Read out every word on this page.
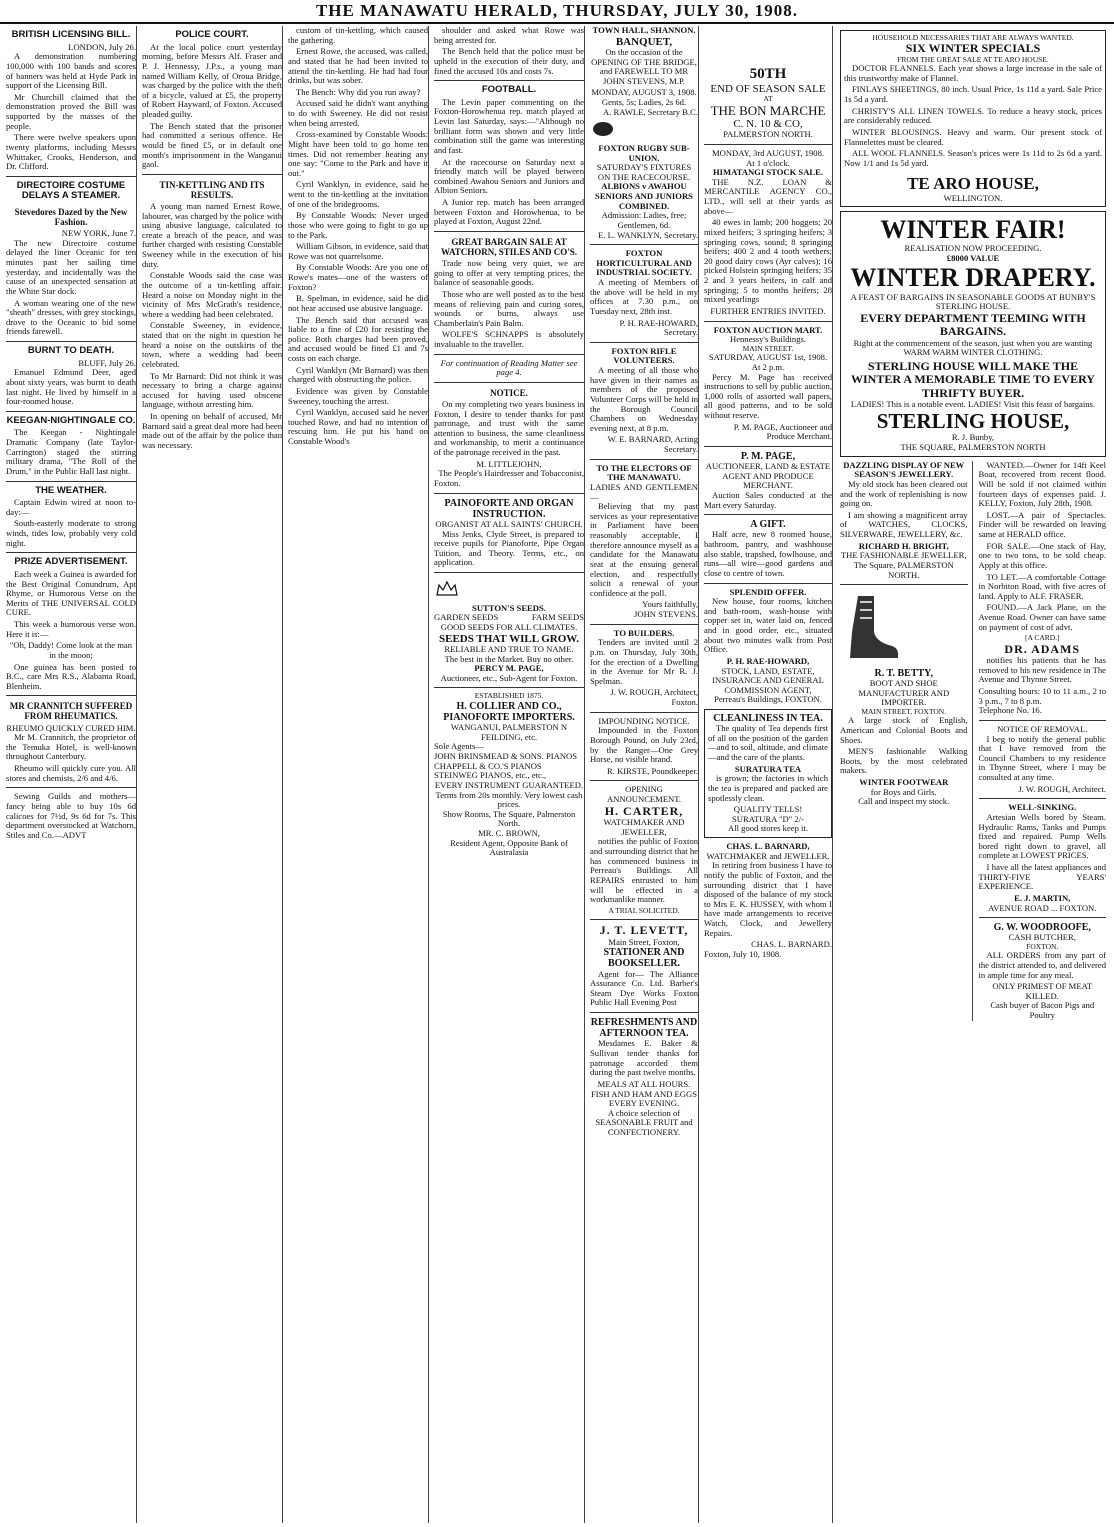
THE MANAWATU HERALD, THURSDAY, JULY 30, 1908.
BRITISH LICENSING BILL.
LONDON, July 26.

A demonstration numbering 100,000 with 100 bands and scores of banners was held at Hyde Park in support of the Licensing Bill.

Mr Churchill claimed that the demonstration proved the Bill was supported by the masses of the people.

There were twelve speakers upon twenty platforms, including Messrs Whittaker, Crooks, Henderson, and Dr. Clifford.

DIRECTOIRE COSTUME DELAYS A STEAMER.
Stevedores Dazed by the New Fashion.
NEW YORK, June 7.

The new Directoire costume delayed the liner Oceanic for ten minutes past her sailing time yesterday, and incidentally was the cause of an unexpected sensation at the White Star dock.

A woman wearing one of the new "sheath" dresses, with grey stockings, drove to the Oceanic to bid some friends farewell.

BURNT TO DEATH.
BLUFF, July 26.

Emanuel Edmund Deer, aged about sixty years, was burnt to death last night. He lived by himself in a four-roomed house.

KEEGAN-NIGHTINGALE CO.

The Keegan - Nightingale Dramatic Company (late Taylor-Carrington) staged the stirring military drama, "The Roll of the Drum," in the Public Hall last night.

THE WEATHER.

Captain Edwin wired at noon to-day:—

South-easterly moderate to strong winds, tides low, probably very cold night.

PRIZE ADVERTISEMENT.

Each week a Guinea is awarded for the Best Original Conundrum, Apt Rhyme, or Humorous Verse on the Merits of THE UNIVERSAL COLD CURE.

This week a humorous verse won. Here it is:—

"Oh, Daddy! Come look at the man in the moon;

One guinea has been posted to B.C., care Mrs R.S., Alabama Road, Blenheim.

MR CRANNITCH SUFFERED FROM RHEUMATICS.
RHEUMO QUICKLY CURED HIM.

Mr M. Crannitch, the proprietor of the Temuka Hotel, is well-known throughout Canterbury.

Rheumo will quickly cure you. All stores and chemists, 2/6 and 4/6.

Sewing Guilds and mothers—fancy being able to buy 10s 6d calicoes for 7½d, 9s 6d for 7s. This department overstocked at Watchorn, Stiles and Co.—ADVT

POLICE COURT.

At the local police court yesterday morning, before Messrs Alf. Fraser and P. J. Hennessy, J.P.s., a young man named William Kelly, of Oroua Bridge, was charged by the police with the theft of a bicycle, valued at £5, the property of Robert Hayward, of Foxton. Accused pleaded guilty.

The Bench stated that the prisoner had committed a serious offence. He would be fined £5, or in default one month's imprisonment in the Wanganui gaol.

TIN-KETTLING AND ITS RESULTS.

A young man named Ernest Rowe, labourer, was charged by the police with using abusive language, calculated to create a breach of the peace, and was further charged with resisting Constable Sweeney while in the execution of his duty.

Constable Woods said the case was the outcome of a tin-kettling affair. Heard a noise on Monday night in the vicinity of Mrs McGrath's residence, where a wedding had been celebrated.

Constable Sweeney, in evidence, stated that on the night in question he heard a noise on the outskirts of the town, where a wedding had been celebrated.

To Mr Barnard: Did not think it was necessary to bring a charge against accused for having used obscene language, without arresting him.

In opening on behalf of accused, Mr Barnard said a great deal more had been made out of the affair by the police than was necessary.

custom of tin-kettling, which caused the gathering.

Ernest Rowe, the accused, was called, and stated that he had been invited to attend the tin-kettling. He had had four drinks, but was sober.

The Bench: Why did you run away?

Accused said he didn't want anything to do with Sweeney. He did not resist when being arrested.

Cross-examined by Constable Woods: Might have been told to go home ten times. Did not remember hearing any one say: "Come to the Park and have it out."

Cyril Wanklyn, in evidence, said he went to the tin-kettling at the invitation of one of the bridegrooms.

By Constable Woods: Never urged those who were going to fight to go up to the Park.

William Gibson, in evidence, said that Rowe was not quarrelsome.

By Constable Woods: Are you one of Rowe's mates—one of the wasters of Foxton?

B. Spelman, in evidence, said he did not hear accused use abusive language.

The Bench said that accused was liable to a fine of £20 for resisting the police. Both charges had been proved, and accused would be fined £1 and 7s costs on each charge.

Cyril Wanklyn (Mr Barnard) was then charged with obstructing the police.

Evidence was given by Constable Sweeney, touching the arrest.

Cyril Wanklyn, accused said he never touched Rowe, and had no intention of rescuing him. He put his hand on Constable Wood's

shoulder and asked what Rowe was being arrested for.

The Bench held that the police must be upheld in the execution of their duty, and fined the accused 10s and costs 7s.

FOOTBALL.

The Levin paper commenting on the Foxton-Horowhenua rep. match played at Levin last Saturday, says:—"Although no brilliant form was shown and very little combination still the game was interesting and fast.

At the racecourse on Saturday next a friendly match will be played between combined Awahou Seniors and Juniors and Albion Seniors.

A Junior rep. match has been arranged between Foxton and Horowhenua, to be played at Foxton, August 22nd.

GREAT BARGAIN SALE AT WATCHORN, STILES AND CO'S.

Trade now being very quiet, we are going to offer at very tempting prices, the balance of seasonable goods.

Those who are well posted as to the best means of relieving pain and curing sores, wounds or burns, always use Chamberlain's Pain Balm.

WOLFE'S SCHNAPPS is absolutely invaluable to the traveller.

For continuation of Reading Matter see page 4.
NOTICE.

On my completing two years business in Foxton, I desire to tender thanks for past patronage, and trust with the same attention to business, the same cleanliness and workmanship, to merit a continuance of the patronage received in the past.

M. LITTLEJOHN,
The People's Hairdresser and Tobacconist,
Foxton.
PAINOFORTE AND ORGAN INSTRUCTION.
ORGANIST AT ALL SAINTS' CHURCH.

Miss Jenks, Clyde Street, is prepared to receive pupils for Pianoforte, Pipe Organ Tuition, and Theory. Terms, etc., on application.

SUTTON'S SEEDS.
GARDEN SEEDS	FARM SEEDS
GOOD SEEDS FOR ALL CLIMATES.
SEEDS THAT WILL GROW.
RELIABLE AND TRUE TO NAME.
The best in the Market. Buy no other.
PERCY M. PAGE,
Auctioneer, etc., Sub-Agent for Foxton.
ESTABLISHED 1875.
H. COLLIER AND CO., PIANOFORTE IMPORTERS.
WANGANUI, PALMERSTON N FEILDING, etc.
Sole Agents—
JOHN BRINSMEAD & SONS. PIANOS
CHAPPELL & CO.'S PIANOS
STEINWEG PIANOS, etc., etc.,
EVERY INSTRUMENT GUARANTEED.
Terms from 20s monthly. Very lowest cash prices.
Show Rooms, The Square, Palmerston North.
MR. C. BROWN,
Resident Agent, Opposite Bank of Australasia
TOWN HALL, SHANNON.
BANQUET,

On the occasion of the OPENING OF THE BRIDGE, and FAREWELL TO MR JOHN STEVENS, M.P.

MONDAY, AUGUST 3, 1908.
Gents, 5s; Ladies, 2s 6d.
A. RAWLE, Secretary B.C.
FOXTON RUGBY SUB-UNION.
SATURDAY'S FIXTURES ON THE RACECOURSE.
ALBIONS v AWAHOU SENIORS AND JUNIORS COMBINED.
Admission: Ladies, free; Gentlemen, 6d.
E. L. WANKLYN, Secretary.
FOXTON HORTICULTURAL AND INDUSTRIAL SOCIETY.

A meeting of Members of the above will be held in my offices at 7.30 p.m., on Tuesday next, 28th inst.

P. H. RAE-HOWARD, Secretary.
FOXTON RIFLE VOLUNTEERS.

A meeting of all those who have given in their names as members of the proposed Volunteer Corps will be held in the Borough Council Chambers on Wednesday evening next, at 8 p.m.

W. E. BARNARD, Acting Secretary.
TO THE ELECTORS OF THE MANAWATU.
LADIES AND GENTLEMEN—

Believing that my past services as your representative in Parliament have been reasonably acceptable, I therefore announce myself as a candidate for the Manawatu seat at the ensuing general election, and respectfully solicit a renewal of your confidence at the poll.

Yours faithfully,
JOHN STEVENS.
TO BUILDERS.

Tenders are invited until 2 p.m. on Thursday, July 30th, for the erection of a Dwelling in the Avenue for Mr R. J. Spelman.

J. W. ROUGH, Architect, Foxton.
IMPOUNDING NOTICE.

Impounded in the Foxton Borough Pound, on July 23rd, by the Ranger—One Grey Horse, no visible brand.

R. KIRSTE, Poundkeeper.
OPENING ANNOUNCEMENT.
H. CARTER,
WATCHMAKER AND JEWELLER,

notifies the public of Foxton and surrounding district that he has commenced business in Perreau's Buildings. All REPAIRS entrusted to him will be effected in a workmanlike manner.

A TRIAL SOLICITED.
J. T. LEVETT,
Main Street, Foxton,
STATIONER AND BOOKSELLER.

Agent for— The Alliance Assurance Co. Ltd. Barber's Steam Dye Works Foxton Public Hall Evening Post

REFRESHMENTS AND AFTERNOON TEA.

Mesdames E. Baker & Sullivan tender thanks for patronage accorded them during the past twelve months.

MEALS AT ALL HOURS.
FISH AND HAM AND EGGS EVERY EVENING.
A choice selection of SEASONABLE FRUIT and CONFECTIONERY.
50TH
END OF SEASON SALE
AT
THE BON MARCHE
C. N. 10 & CO,
PALMERSTON NORTH.
MONDAY, 3rd AUGUST, 1908.
At 1 o'clock.
HIMATANGI STOCK SALE.

THE N.Z. LOAN & MERCANTILE AGENCY CO., LTD., will sell at their yards as above—

40 ewes in lamb; 200 hoggets; 20 mixed heifers; 3 springing heifers; 3 springing cows, sound; 8 springing heifers; 400 2 and 4 tooth wethers; 20 good dairy cows (Ayr calves); 16 picked Holstein springing heifers; 35 2 and 3 years heifers, in calf and springing; 5 to months heifers; 28 mixed yearlings

FURTHER ENTRIES INVITED.
FOXTON AUCTION MART.
Hennessy's Buildings.
MAIN STREET.
SATURDAY, AUGUST 1st, 1908.
At 2 p.m.

Percy M. Page has received instructions to sell by public auction, 1,000 rolls of assorted wall papers, all good patterns, and to be sold without reserve.

P. M. PAGE, Auctioneer and Produce Merchant.
P. M. PAGE,
AUCTIONEER, LAND & ESTATE AGENT AND PRODUCE MERCHANT.

Auction Sales conducted at the Mart every Saturday.

A GIFT.

Half acre, new 8 roomed house, bathroom, pantry, and washhouse also stable, trapshed, fowlhouse, and runs—all wire—good gardens and close to centre of town.

SPLENDID OFFER.

New house, four rooms, kitchen and bath-room, wash-house with copper set in, water laid on, fenced and in good order, etc., situated about two minutes walk from Post Office.

P. H. RAE-HOWARD,
STOCK, LAND, ESTATE, INSURANCE AND GENERAL COMMISSION AGENT,
Perreau's Buildings, FOXTON.
CLEANLINESS IN TEA.

The quality of Tea depends first of all on the position of the garden—and to soil, altitude, and climate—and the care of the plants.

SURATURA TEA

is grown; the factories in which the tea is prepared and packed are spotlessly clean.

QUALITY TELLS!
SURATURA "D" 2/-
All good stores keep it.
CHAS. L. BARNARD,
WATCHMAKER and JEWELLER.

In retiring from business I have to notify the public of Foxton, and the surrounding district that I have disposed of the balance of my stock to Mrs E. K. HUSSEY, with whom I have made arrangements to receive Watch, Clock, and Jewellery Repairs.

CHAS. L. BARNARD.
Foxton, July 10, 1908.
HOUSEHOLD NECESSARIES THAT ARE ALWAYS WANTED.
SIX WINTER SPECIALS
FROM THE GREAT SALE AT TE ARO HOUSE.

DOCTOR FLANNELS. Each year shows a large increase in the sale of this trustworthy make of Flannel.

FINLAYS SHEETINGS, 80 inch. Usual Price, 1s 11d a yard. Sale Price 1s 5d a yard.

CHRISTY'S ALL LINEN TOWELS. To reduce a heavy stock, prices are considerably reduced.

WINTER BLOUSINGS. Heavy and warm. Our present stock of Flannelettes must be cleared.

ALL WOOL FLANNELS. Season's prices were 1s 11d to 2s 6d a yard. Now 1/1 and 1s 5d yard.

TE ARO HOUSE,
WELLINGTON.
WINTER FAIR!
REALISATION NOW PROCEEDING.
£8000 VALUE
WINTER DRAPERY.
A FEAST OF BARGAINS IN SEASONABLE GOODS AT BUNBY'S STERLING HOUSE.
EVERY DEPARTMENT TEEMING WITH BARGAINS.

Right at the commencement of the season, just when you are wanting WARM WARM WINTER CLOTHING.

STERLING HOUSE WILL MAKE THE WINTER A MEMORABLE TIME TO EVERY THRIFTY BUYER.
LADIES! This is a notable event. LADIES! Visit this feast of bargains.
STERLING HOUSE,
R. J. Bunby,
THE SQUARE, PALMERSTON NORTH
DAZZLING DISPLAY OF NEW SEASON'S JEWELLERY.

My old stock has been cleared out and the work of replenishing is now going on.

I am showing a magnificent array of WATCHES, CLOCKS, SILVERWARE, JEWELLERY, &c.

RICHARD H. BRIGHT,
THE FASHIONABLE JEWELLER,
The Square, PALMERSTON NORTH.
R. T. BETTY,
BOOT AND SHOE MANUFACTURER AND IMPORTER.
MAIN STREET, FOXTON.

A large stock of English, American and Colonial Boots and Shoes.

MEN'S fashionable Walking Boots, by the most celebrated makers.

WINTER FOOTWEAR
for Boys and Girls.
Call and inspect my stock.

WANTED.—Owner for 14ft Keel Boat, recovered from recent flood. Will be sold if not claimed within fourteen days of expenses paid. J. KELLY, Foxton, July 28th, 1908.

LOST.—A pair of Spectacles. Finder will be rewarded on leaving same at HERALD office.

FOR SALE.—One stack of Hay, one to two tons, to be sold cheap. Apply at this office.

TO LET.—A comfortable Cottage in Norbiton Road, with five acres of land. Apply to ALF. FRASER.

FOUND.—A Jack Plane, on the Avenue Road. Owner can have same on payment of cost of advt.

[A CARD.]
DR. ADAMS

notifies his patients that he has removed to his new residence in The Avenue and Thynne Street.

Consulting hours: 10 to 11 a.m., 2 to 3 p.m., 7 to 8 p.m.
Telephone No. 16.
NOTICE OF REMOVAL.

I beg to notify the general public that I have removed from the Council Chambers to my residence in Thynne Street, where I may be consulted at any time.

J. W. ROUGH, Architect.
WELL-SINKING.

Artesian Wells bored by Steam. Hydraulic Rams, Tanks and Pumps fixed and repaired. Pump Wells bored right down to gravel, all complete at LOWEST PRICES.

I have all the latest appliances and THIRTY-FIVE YEARS' EXPERIENCE.

E. J. MARTIN,
AVENUE ROAD ... FOXTON.
G. W. WOODROOFE,
CASH BUTCHER,
FOXTON.

ALL ORDERS from any part of the district attended to, and delivered in ample time for any meal.

ONLY PRIMEST OF MEAT KILLED.
Cash buyer of Bacon Pigs and Poultry
